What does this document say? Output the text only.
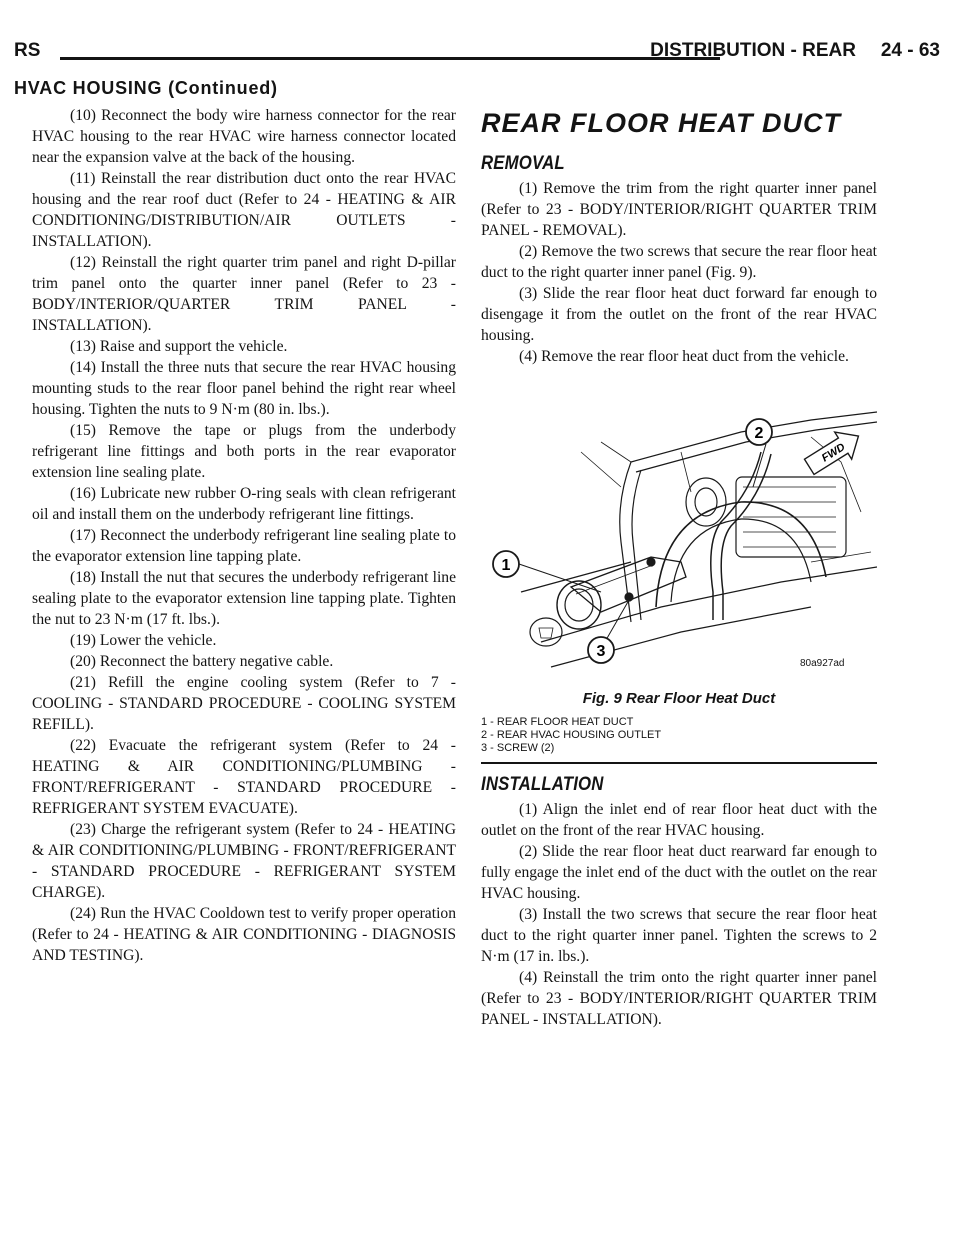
RS	DISTRIBUTION - REAR 24 - 63
HVAC HOUSING (Continued)

(10) Reconnect the body wire harness connector for the rear HVAC housing to the rear HVAC wire harness connector located near the expansion valve at the back of the housing.

(11) Reinstall the rear distribution duct onto the rear HVAC housing and the rear roof duct (Refer to 24 - HEATING & AIR CONDITIONING/DISTRIBUTION/AIR OUTLETS - INSTALLATION).

(12) Reinstall the right quarter trim panel and right D-pillar trim panel onto the quarter inner panel (Refer to 23 - BODY/INTERIOR/QUARTER TRIM PANEL - INSTALLATION).

(13) Raise and support the vehicle.

(14) Install the three nuts that secure the rear HVAC housing mounting studs to the rear floor panel behind the right rear wheel housing. Tighten the nuts to 9 N·m (80 in. lbs.).

(15) Remove the tape or plugs from the underbody refrigerant line fittings and both ports in the rear evaporator extension line sealing plate.

(16) Lubricate new rubber O-ring seals with clean refrigerant oil and install them on the underbody refrigerant line fittings.

(17) Reconnect the underbody refrigerant line sealing plate to the evaporator extension line tapping plate.

(18) Install the nut that secures the underbody refrigerant line sealing plate to the evaporator extension line tapping plate. Tighten the nut to 23 N·m (17 ft. lbs.).

(19) Lower the vehicle.

(20) Reconnect the battery negative cable.

(21) Refill the engine cooling system (Refer to 7 - COOLING - STANDARD PROCEDURE - COOLING SYSTEM REFILL).

(22) Evacuate the refrigerant system (Refer to 24 - HEATING & AIR CONDITIONING/PLUMBING - FRONT/REFRIGERANT - STANDARD PROCEDURE - REFRIGERANT SYSTEM EVACUATE).

(23) Charge the refrigerant system (Refer to 24 - HEATING & AIR CONDITIONING/PLUMBING - FRONT/REFRIGERANT - STANDARD PROCEDURE - REFRIGERANT SYSTEM CHARGE).

(24) Run the HVAC Cooldown test to verify proper operation (Refer to 24 - HEATING & AIR CONDITIONING - DIAGNOSIS AND TESTING).

REAR FLOOR HEAT DUCT
REMOVAL

(1) Remove the trim from the right quarter inner panel (Refer to 23 - BODY/INTERIOR/RIGHT QUARTER TRIM PANEL - REMOVAL).

(2) Remove the two screws that secure the rear floor heat duct to the right quarter inner panel (Fig. 9).

(3) Slide the rear floor heat duct forward far enough to disengage it from the outlet on the front of the rear HVAC housing.

(4) Remove the rear floor heat duct from the vehicle.

FWD
1
2
3
80a927ad
Fig. 9 Rear Floor Heat Duct
1 - REAR FLOOR HEAT DUCT
2 - REAR HVAC HOUSING OUTLET
3 - SCREW (2)
INSTALLATION

(1) Align the inlet end of rear floor heat duct with the outlet on the front of the rear HVAC housing.

(2) Slide the rear floor heat duct rearward far enough to fully engage the inlet end of the duct with the outlet on the rear HVAC housing.

(3) Install the two screws that secure the rear floor heat duct to the right quarter inner panel. Tighten the screws to 2 N·m (17 in. lbs.).

(4) Reinstall the trim onto the right quarter inner panel (Refer to 23 - BODY/INTERIOR/RIGHT QUARTER TRIM PANEL - INSTALLATION).
